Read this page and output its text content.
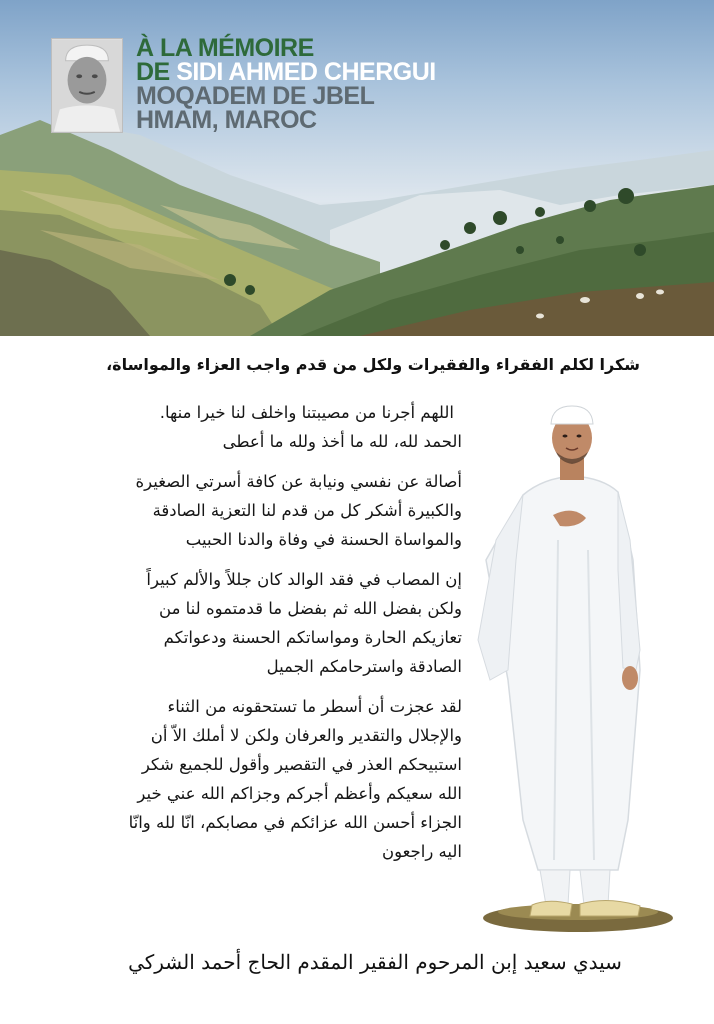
À LA MÉMOIRE
DE SIDI AHMED CHERGUI
MOQADEM DE JBEL
HMAM, MAROC
شكرا لكلم الفقراء والفقيرات ولكل من قدم واجب العزاء والمواساة،
اللهم أجرنا من مصيبتنا واخلف لنا خيرا منها.
الحمد لله، لله ما أخذ ولله ما أعطى
أصالة عن نفسي ونيابة عن كافة أسرتي الصغيرة
والكبيرة أشكر كل من قدم لنا التعزية الصادقة
والمواساة الحسنة في وفاة والدنا الحبيب
إن المصاب في فقد الوالد كان جللاً والألم كبيراً
ولكن بفضل الله ثم بفضل ما قدمتموه لنا من
تعازيكم الحارة ومواساتكم الحسنة ودعواتكم
الصادقة واسترحامكم الجميل
لقد عجزت أن أسطر ما تستحقونه من الثناء
والإجلال والتقدير والعرفان ولكن لا أملك الاّ أن
استبيحكم العذر في التقصير وأقول للجميع شكر
الله سعيكم وأعظم أجركم وجزاكم الله عني خير
الجزاء أحسن الله عزائكم في مصابكم، انّا لله وانّا
اليه راجعون
سيدي سعيد إبن المرحوم الفقير المقدم الحاج أحمد الشركي
